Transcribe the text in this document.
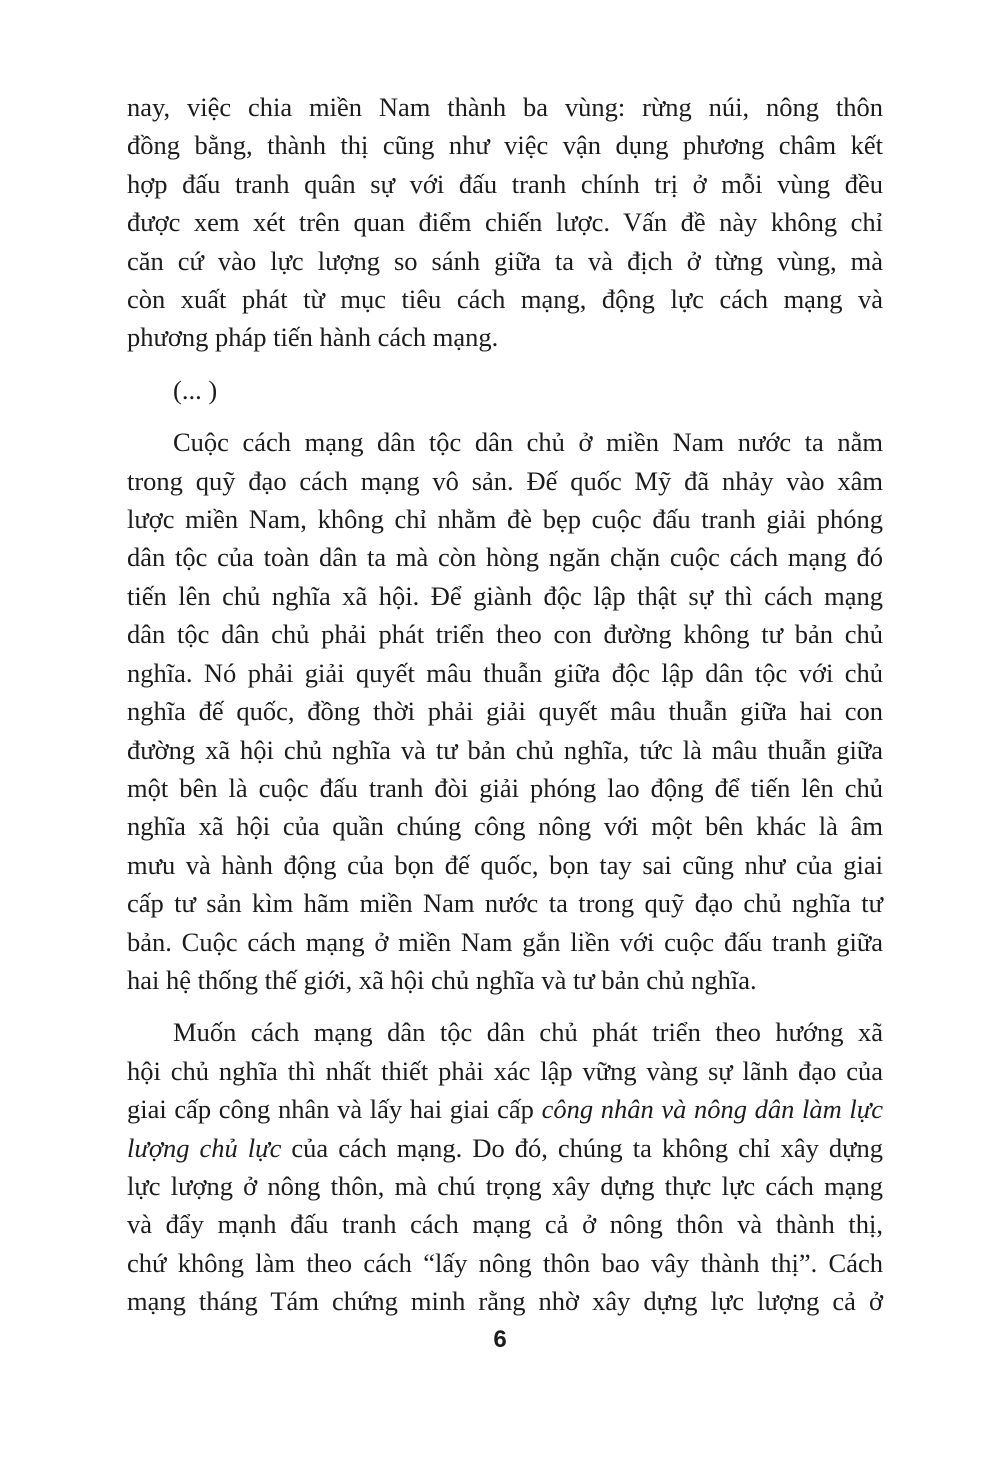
nay, việc chia miền Nam thành ba vùng: rừng núi, nông thôn
đồng bằng, thành thị cũng như việc vận dụng phương châm kết
hợp đấu tranh quân sự với đấu tranh chính trị ở mỗi vùng đều
được xem xét trên quan điểm chiến lược. Vấn đề này không chỉ
căn cứ vào lực lượng so sánh giữa ta và địch ở từng vùng, mà
còn xuất phát từ mục tiêu cách mạng, động lực cách mạng và
phương pháp tiến hành cách mạng.

(... )

Cuộc cách mạng dân tộc dân chủ ở miền Nam nước ta nằm
trong quỹ đạo cách mạng vô sản. Đế quốc Mỹ đã nhảy vào xâm
lược miền Nam, không chỉ nhằm đè bẹp cuộc đấu tranh giải phóng
dân tộc của toàn dân ta mà còn hòng ngăn chặn cuộc cách mạng đó
tiến lên chủ nghĩa xã hội. Để giành độc lập thật sự thì cách mạng
dân tộc dân chủ phải phát triển theo con đường không tư bản chủ
nghĩa. Nó phải giải quyết mâu thuẫn giữa độc lập dân tộc với chủ
nghĩa đế quốc, đồng thời phải giải quyết mâu thuẫn giữa hai con
đường xã hội chủ nghĩa và tư bản chủ nghĩa, tức là mâu thuẫn giữa
một bên là cuộc đấu tranh đòi giải phóng lao động để tiến lên chủ
nghĩa xã hội của quần chúng công nông với một bên khác là âm
mưu và hành động của bọn đế quốc, bọn tay sai cũng như của giai
cấp tư sản kìm hãm miền Nam nước ta trong quỹ đạo chủ nghĩa tư
bản. Cuộc cách mạng ở miền Nam gắn liền với cuộc đấu tranh giữa
hai hệ thống thế giới, xã hội chủ nghĩa và tư bản chủ nghĩa.
Muốn cách mạng dân tộc dân chủ phát triển theo hướng xã
hội chủ nghĩa thì nhất thiết phải xác lập vững vàng sự lãnh đạo của
giai cấp công nhân và lấy hai giai cấp công nhân và nông dân làm lực
lượng chủ lực của cách mạng. Do đó, chúng ta không chỉ xây dựng
lực lượng ở nông thôn, mà chú trọng xây dựng thực lực cách mạng
và đẩy mạnh đấu tranh cách mạng cả ở nông thôn và thành thị,
chứ không làm theo cách “lấy nông thôn bao vây thành thị”. Cách
mạng tháng Tám chứng minh rằng nhờ xây dựng lực lượng cả ở
6
